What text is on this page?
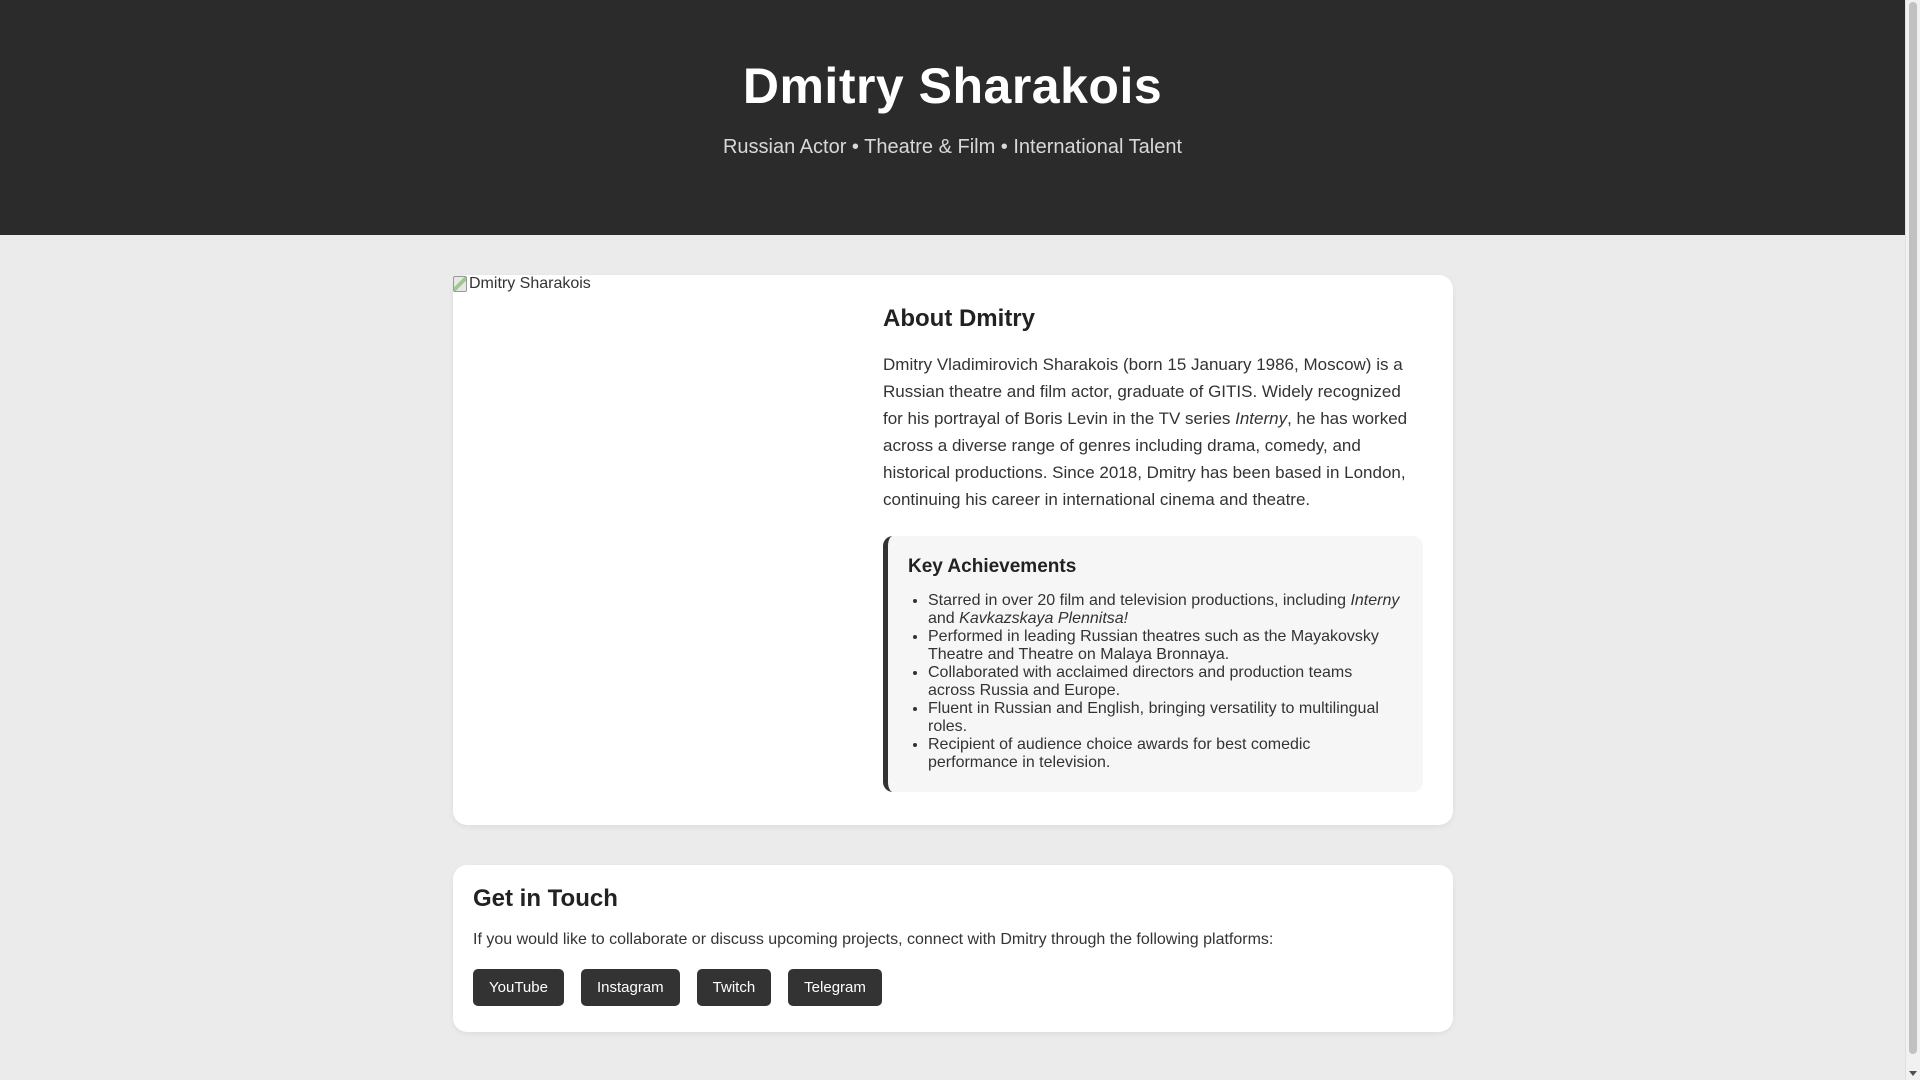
Dmitry Sharakois
Russian Actor • Theatre & Film • International Talent
Dmitry Sharakois
About Dmitry

Dmitry Vladimirovich Sharakois (born 15 January 1986, Moscow) is a Russian theatre and film actor, graduate of GITIS. Widely recognized for his portrayal of Boris Levin in the TV series Interny, he has worked across a diverse range of genres including drama, comedy, and historical productions. Since 2018, Dmitry has been based in London, continuing his career in international cinema and theatre.

Key Achievements
• Starred in over 20 film and television productions, including Interny and Kavkazskaya Plennitsa!
• Performed in leading Russian theatres such as the Mayakovsky Theatre and Theatre on Malaya Bronnaya.
• Collaborated with acclaimed directors and production teams across Russia and Europe.
• Fluent in Russian and English, bringing versatility to multilingual roles.
• Recipient of audience choice awards for best comedic performance in television.
Get in Touch

If you would like to collaborate or discuss upcoming projects, connect with Dmitry through the following platforms:

YouTube	Instagram	Twitch	Telegram
